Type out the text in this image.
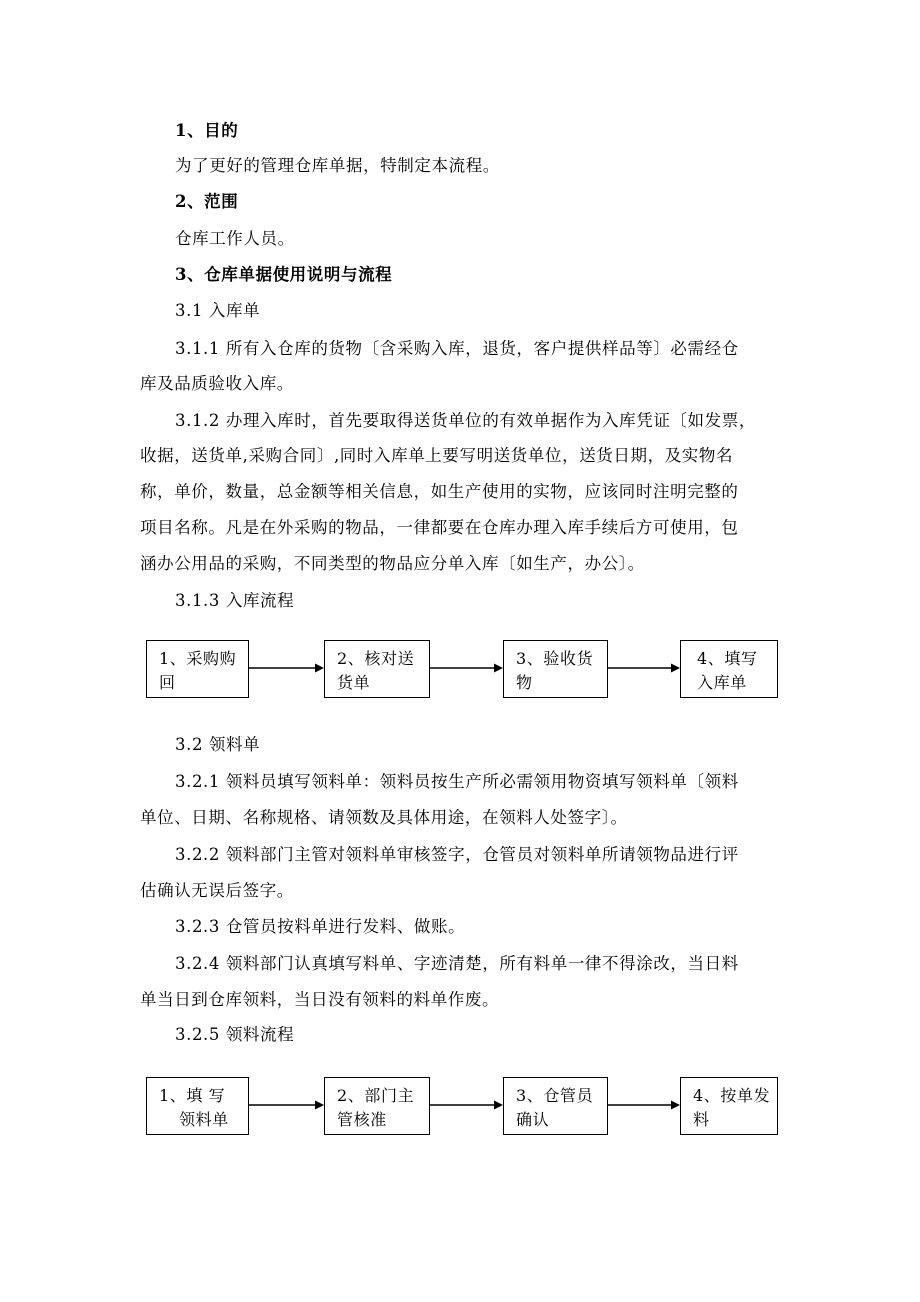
1、目的
为了更好的管理仓库单据，特制定本流程。
2、范围
仓库工作人员。
3、仓库单据使用说明与流程
3.1 入库单
3.1.1 所有入仓库的货物〔含采购入库，退货，客户提供样品等〕必需经仓
库及品质验收入库。
3.1.2 办理入库时，首先要取得送货单位的有效单据作为入库凭证〔如发票，
收据，送货单,采购合同〕,同时入库单上要写明送货单位，送货日期，及实物名
称，单价，数量，总金额等相关信息，如生产使用的实物，应该同时注明完整的
项目名称。凡是在外采购的物品，一律都要在仓库办理入库手续后方可使用，包
涵办公用品的采购，不同类型的物品应分单入库〔如生产，办公〕。
3.1.3 入库流程
1、采购购
回
2、核对送
货单
3、验收货
物
4、填写
入库单
3.2 领料单
3.2.1 领料员填写领料单：领料员按生产所必需领用物资填写领料单〔领料
单位、日期、名称规格、请领数及具体用途，在领料人处签字〕。
3.2.2 领料部门主管对领料单审核签字，仓管员对领料单所请领物品进行评
估确认无误后签字。
3.2.3 仓管员按料单进行发料、做账。
3.2.4 领料部门认真填写料单、字迹清楚，所有料单一律不得涂改，当日料
单当日到仓库领料，当日没有领料的料单作废。
3.2.5 领料流程
1、填 写
领料单
2、部门主
管核准
3、仓管员
确认
4、按单发
料
